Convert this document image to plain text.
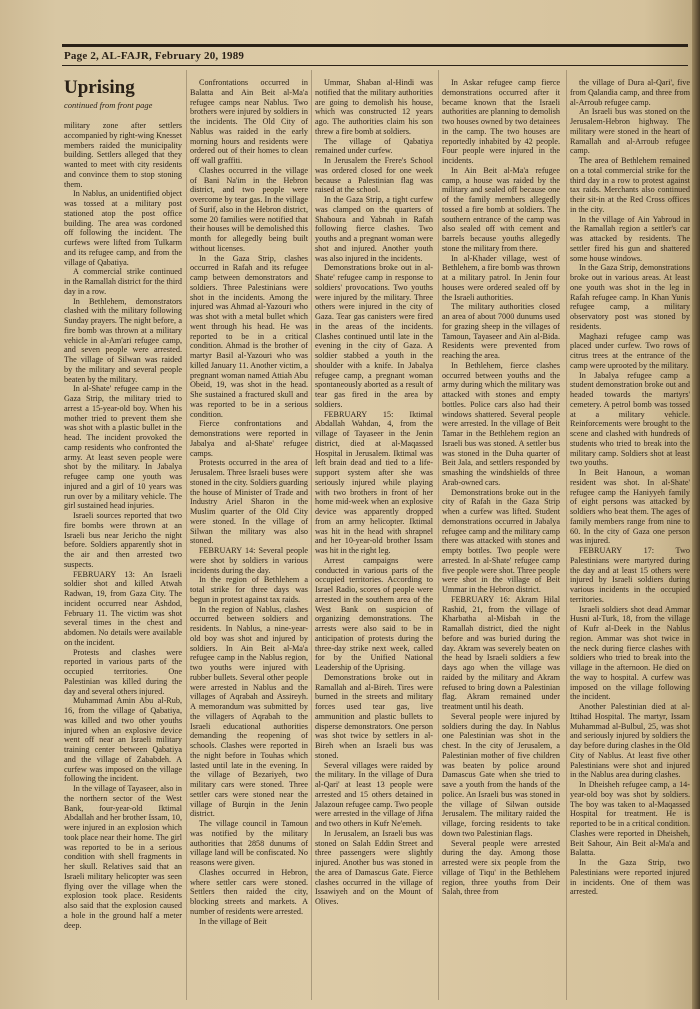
Page 2, AL-FAJR, February 20, 1989
Uprising
continued from front page

military zone after settlers accompanied by right-wing Knesset members raided the municipality building. Settlers alleged that they wanted to meet with city residents and convince them to stop stoning them.

In Nablus, an unidentified object was tossed at a military post stationed atop the post office building. The area was cordoned off following the incident. The curfews were lifted from Tulkarm and its refugee camp, and from the village of Qabatiya.

A commercial strike continued in the Ramallah district for the third day in a row.

In Bethlehem, demonstrators clashed with the military following Sunday prayers. The night before, a fire bomb was thrown at a military vehicle in al-Am'ari refugee camp, and seven people were arrested. The village of Silwan was raided by the military and several people beaten by the military.

In al-Shate' refugee camp in the Gaza Strip, the military tried to arrest a 15-year-old boy. When his mother tried to prevent them she was shot with a plastic bullet in the head. The incident provoked the camp residents who confronted the army. At least seven people were shot by the military. In Jabalya refugee camp one youth was injured and a girl of 10 years was run over by a military vehicle. The girl sustained head injuries.

Israeli sources reported that two fire bombs were thrown at an Israeli bus near Jericho the night before. Soldiers apparently shot in the air and then arrested two suspects.

FEBRUARY 13: An Israeli soldier shot and killed Atwah Radwan, 19, from Gaza City. The incident occurred near Ashdod, February 11. The victim was shot several times in the chest and abdomen. No details were available on the incident.

Protests and clashes were reported in various parts of the occupied territories. One Palestinian was killed during the day and several others injured.

Muhammad Amin Abu al-Rub, 16, from the village of Qabatiya, was killed and two other youths injured when an explosive device went off near an Israeli military training center between Qabatiya and the village of Zababdeh. A curfew was imposed on the village following the incident.

In the village of Tayaseer, also in the northern sector of the West Bank, four-year-old Iktimal Abdallah and her brother Issam, 10, were injured in an explosion which took place near their home. The girl was reported to be in a serious condition with shell fragments in her skull. Relatives said that an Israeli military helicopter was seen flying over the village when the explosion took place. Residents also said that the explosion caused a hole in the ground half a meter deep.

Confrontations occurred in Balatta and Ain Beit al-Ma'a refugee camps near Nablus. Two brothers were injured by soldiers in the incidents. The Old City of Nablus was raided in the early morning hours and residents were ordered out of their homes to clean off wall graffiti.

Clashes occurred in the village of Bani Na'im in the Hebron district, and two people were overcome by tear gas. In the village of Surif, also in the Hebron district, some 20 families were notified that their houses will be demolished this month for allegedly being built without licenses.

In the Gaza Strip, clashes occurred in Rafah and its refugee camp between demonstrators and soldiers. Three Palestinians were shot in the incidents. Among the injured was Ahmad al-Yazouri who was shot with a metal bullet which went through his head. He was reported to be in a critical condition. Ahmad is the brother of martyr Basil al-Yazouri who was killed January 11. Another victim, a pregnant woman named Attiah Abu Obeid, 19, was shot in the head. She sustained a fractured skull and was reported to be in a serious condition.

Fierce confrontations and demonstrations were reported in Jabalya and al-Shate' refugee camps.

Protests occurred in the area of Jerusalem. Three Israeli buses were stoned in the city. Soldiers guarding the house of Minister of Trade and Industry Ariel Sharon in the Muslim quarter of the Old City were stoned. In the village of Silwan the military was also stoned.

FEBRUARY 14: Several people were shot by soldiers in various incidents during the day.

In the region of Bethlehem a total strike for three days was begun in protest against tax raids.

In the region of Nablus, clashes occurred between soldiers and residents. In Nablus, a nine-year-old boy was shot and injured by soldiers. In Ain Beit al-Ma'a refugee camp in the Nablus region, two youths were injured with rubber bullets. Several other people were arrested in Nablus and the villages of Aqrabah and Assireyh. A memorandum was submitted by the villagers of Aqrabah to the Israeli educational authorities demanding the reopening of schools. Clashes were reported in the night before in Touhas which lasted until late in the evening. In the village of Bezariyeh, two military cars were stoned. Three settler cars were stoned near the village of Burqin in the Jenin district.

The village council in Tamoun was notified by the military authorities that 2858 dunums of village land will be confiscated. No reasons were given.

Clashes occurred in Hebron, where settler cars were stoned. Settlers then raided the city, blocking streets and markets. A number of residents were arrested.

In the village of Beit

Ummar, Shaban al-Hindi was notified that the military authorities are going to demolish his house, which was constructed 12 years ago. The authorities claim his son threw a fire bomb at soldiers.

The village of Qabatiya remained under curfew.

In Jerusalem the Frere's School was ordered closed for one week because a Palestinian flag was raised at the school.

In the Gaza Strip, a tight curfew was clamped on the quarters of Shaboura and Yabnah in Rafah following fierce clashes. Two youths and a pregnant woman were shot and injured. Another youth was also injured in the incidents.

Demonstrations broke out in al-Shate' refugee camp in response to soldiers' provocations. Two youths were injured by the military. Three others were injured in the city of Gaza. Tear gas canisters were fired in the areas of the incidents. Clashes continued until late in the evening in the city of Gaza. A soldier stabbed a youth in the shoulder with a knife. In Jabalya refugee camp, a pregnant woman spontaneously aborted as a result of tear gas fired in the area by soldiers.

FEBRUARY 15: Iktimal Abdallah Wahdan, 4, from the village of Tayaseer in the Jenin district, died at al-Maqassed Hospital in Jerusalem. Iktimal was left brain dead and tied to a life-support system after she was seriously injured while playing with two brothers in front of her home mid-week when an explosive device was apparently dropped from an army helicopter. Iktimal was hit in the head with shrapnel and her 10-year-old brother Issam was hit in the right leg.

Arrest campaigns were conducted in various parts of the occupied territories. According to Israel Radio, scores of people were arrested in the southern area of the West Bank on suspicion of organizing demonstrations. The arrests were also said to be in anticipation of protests during the three-day strike next week, called for by the Unified National Leadership of the Uprising.

Demonstrations broke out in Ramallah and al-Bireh. Tires were burned in the streets and military forces used tear gas, live ammunition and plastic bullets to disperse demonstrators. One person was shot twice by settlers in al-Bireh when an Israeli bus was stoned.

Several villages were raided by the military. In the village of Dura al-Qari' at least 13 people were arrested and 15 others detained in Jalazoun refugee camp. Two people were arrested in the village of Jifna and two others in Kufr Ne'emeh.

In Jerusalem, an Israeli bus was stoned on Salah Eddin Street and three passengers were slightly injured. Another bus was stoned in the area of Damascus Gate. Fierce clashes occurred in the village of Issawiyeh and on the Mount of Olives.

In Askar refugee camp fierce demonstrations occurred after it became known that the Israeli authorities are planning to demolish two houses owned by two detainees in the camp. The two houses are reportedly inhabited by 42 people. Four people were injured in the incidents.

In Ain Beit al-Ma'a refugee camp, a house was raided by the military and sealed off because one of the family members allegedly tossed a fire bomb at soldiers. The southern entrance of the camp was also sealed off with cement and barrels because youths allegedly stone the military from there.

In al-Khader village, west of Bethlehem, a fire bomb was thrown at a military patrol. In Jenin four houses were ordered sealed off by the Israeli authorities.

The military authorities closed an area of about 7000 dunums used for grazing sheep in the villages of Tamoun, Tayaseer and Ain al-Bida. Residents were prevented from reaching the area.

In Bethlehem, fierce clashes occurred between youths and the army during which the military was attacked with stones and empty bottles. Police cars also had their windows shattered. Several people were arrested. In the village of Beit Tamar in the Bethlehem region an Israeli bus was stoned. A settler bus was stoned in the Duha quarter of Beit Jala, and settlers responded by smashing the windshields of three Arab-owned cars.

Demonstrations broke out in the city of Rafah in the Gaza Strip when a curfew was lifted. Student demonstrations occurred in Jabalya refugee camp and the military camp there was attacked with stones and empty bottles. Two people were arrested. In al-Shate' refugee camp five people were shot. Three people were shot in the village of Beit Ummar in the Hebron district.

FEBRUARY 16: Akram Hilal Rashid, 21, from the village of Kharbatha al-Misbah in the Ramallah district, died the night before and was buried during the day. Akram was severely beaten on the head by Israeli soldiers a few days ago when the village was raided by the military and Akram refused to bring down a Palestinian flag. Akram remained under treatment until his death.

Several people were injured by soldiers during the day. In Nablus one Palestinian was shot in the chest. In the city of Jerusalem, a Palestinian mother of five children was beaten by police around Damascus Gate when she tried to save a youth from the hands of the police. An Israeli bus was stoned in the village of Silwan outside Jerusalem. The military raided the village, forcing residents to take down two Palestinian flags.

Several people were arrested during the day. Among those arrested were six people from the village of Tiqu' in the Bethlehem region, three youths from Deir Salah, three from

the village of Dura al-Qari', five from Qalandia camp, and three from al-Arroub refugee camp.

An Israeli bus was stoned on the Jerusalem-Hebron highway. The military were stoned in the heart of Ramallah and al-Arroub refugee camp.

The area of Bethlehem remained on a total commercial strike for the third day in a row to protest against tax raids. Merchants also continued their sit-in at the Red Cross offices in the city.

In the village of Ain Yabroud in the Ramallah region a settler's car was attacked by residents. The settler fired his gun and shattered some house windows.

In the Gaza Strip, demonstrations broke out in various areas. At least one youth was shot in the leg in Rafah refugee camp. In Khan Yunis refugee camp, a military observatory post was stoned by residents.

Maghazi refugee camp was placed under curfew. Two rows of citrus trees at the entrance of the camp were uprooted by the military.

In Jabalya refugee camp a student demonstration broke out and headed towards the martyrs' cemetery. A petrol bomb was tossed at a military vehicle. Reinforcements were brought to the scene and clashed with hundreds of students who tried to break into the military camp. Soldiers shot at least two youths.

In Beit Hanoun, a woman resident was shot. In al-Shate' refugee camp the Haniyyeh family of eight persons was attacked by soldiers who beat them. The ages of family members range from nine to 60. In the city of Gaza one person was injured.

FEBRUARY 17: Two Palestinians were martyred during the day and at least 15 others were injured by Israeli soldiers during various incidents in the occupied territories.

Israeli soldiers shot dead Ammar Husni al-Turk, 18, from the village of Kufr al-Deek in the Nablus region. Ammar was shot twice in the neck during fierce clashes with soldiers who tried to break into the village in the afternoon. He died on the way to hospital. A curfew was imposed on the village following the incident.

Another Palestinian died at al-Ittihad Hospital. The martyr, Issam Muhammad al-Bulbul, 25, was shot and seriously injured by soldiers the day before during clashes in the Old City of Nablus. At least five other Palestinians were shot and injured in the Nablus area during clashes.

In Dheisheh refugee camp, a 14-year-old boy was shot by soldiers. The boy was taken to al-Maqassed Hospital for treatment. He is reported to be in a critical condition. Clashes were reported in Dheisheh, Beit Sahour, Ain Beit al-Ma'a and Balatta.

In the Gaza Strip, two Palestinians were reported injured in incidents. One of them was arrested.
